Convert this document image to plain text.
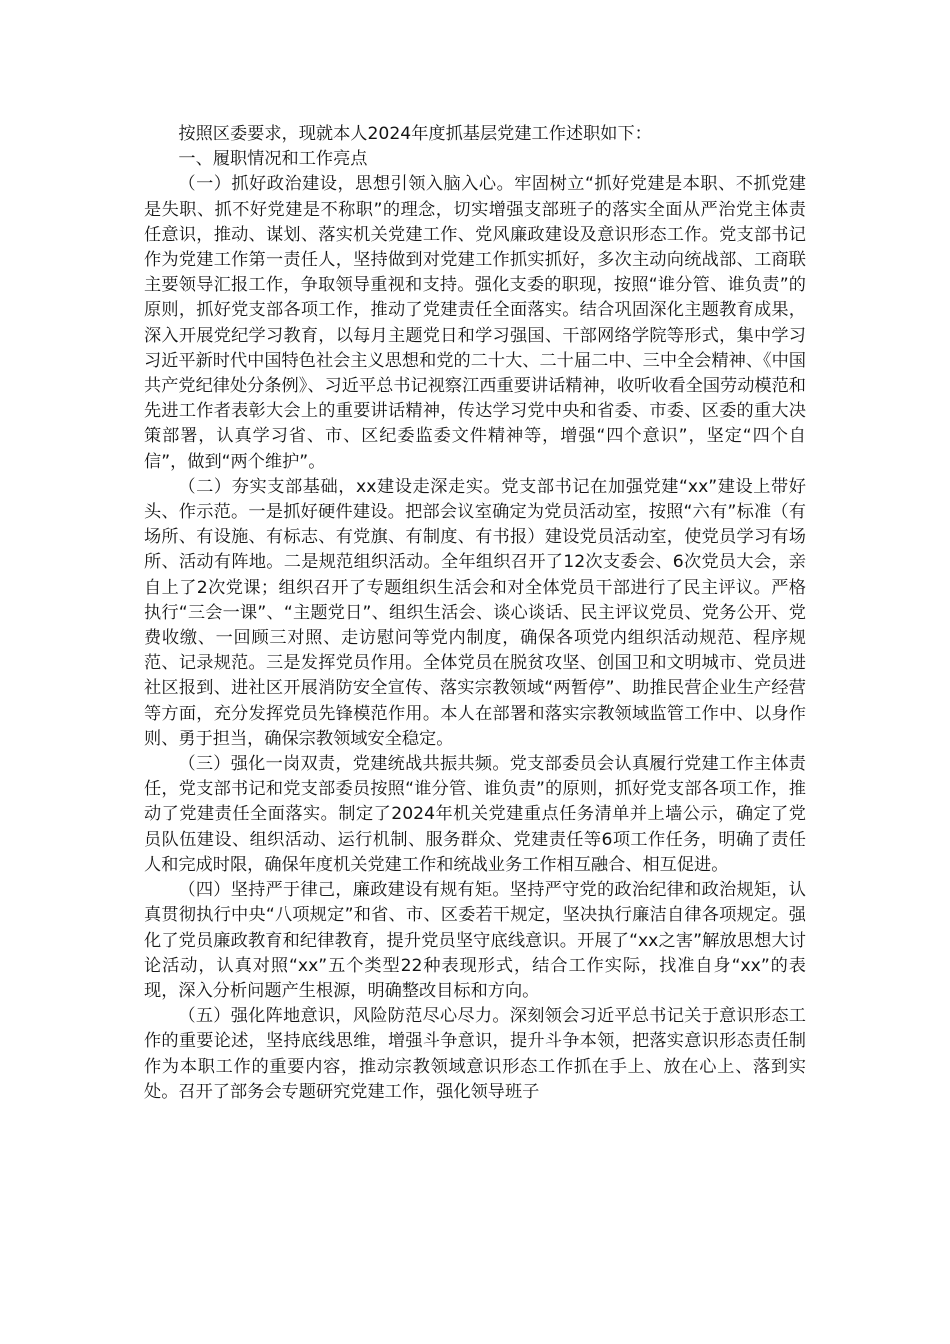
按照区委要求，现就本人2024年度抓基层党建工作述职如下：

一、履职情况和工作亮点

（一）抓好政治建设，思想引领入脑入心。牢固树立“抓好党建是本职、不抓党建是失职、抓不好党建是不称职”的理念，切实增强支部班子的落实全面从严治党主体责任意识，推动、谋划、落实机关党建工作、党风廉政建设及意识形态工作。党支部书记作为党建工作第一责任人，坚持做到对党建工作抓实抓好，多次主动向统战部、工商联主要领导汇报工作，争取领导重视和支持。强化支委的职现，按照“谁分管、谁负责”的原则，抓好党支部各项工作，推动了党建责任全面落实。结合巩固深化主题教育成果，深入开展党纪学习教育，以每月主题党日和学习强国、干部网络学院等形式，集中学习习近平新时代中国特色社会主义思想和党的二十大、二十届二中、三中全会精神、《中国共产党纪律处分条例》、习近平总书记视察江西重要讲话精神，收听收看全国劳动模范和先进工作者表彰大会上的重要讲话精神，传达学习党中央和省委、市委、区委的重大决策部署，认真学习省、市、区纪委监委文件精神等，增强“四个意识”，坚定“四个自信”，做到“两个维护”。

（二）夯实支部基础，xx建设走深走实。党支部书记在加强党建“xx”建设上带好头、作示范。一是抓好硬件建设。把部会议室确定为党员活动室，按照“六有”标准（有场所、有设施、有标志、有党旗、有制度、有书报）建设党员活动室，使党员学习有场所、活动有阵地。二是规范组织活动。全年组织召开了12次支委会、6次党员大会，亲自上了2次党课；组织召开了专题组织生活会和对全体党员干部进行了民主评议。严格执行“三会一课”、“主题党日”、组织生活会、谈心谈话、民主评议党员、党务公开、党费收缴、一回顾三对照、走访慰问等党内制度，确保各项党内组织活动规范、程序规范、记录规范。三是发挥党员作用。全体党员在脱贫攻坚、创国卫和文明城市、党员进社区报到、进社区开展消防安全宣传、落实宗教领域“两暂停”、助推民营企业生产经营等方面，充分发挥党员先锋模范作用。本人在部署和落实宗教领域监管工作中、以身作则、勇于担当，确保宗教领域安全稳定。

（三）强化一岗双责，党建统战共振共频。党支部委员会认真履行党建工作主体责任，党支部书记和党支部委员按照“谁分管、谁负责”的原则，抓好党支部各项工作，推动了党建责任全面落实。制定了2024年机关党建重点任务清单并上墙公示，确定了党员队伍建设、组织活动、运行机制、服务群众、党建责任等6项工作任务，明确了责任人和完成时限，确保年度机关党建工作和统战业务工作相互融合、相互促进。

（四）坚持严于律己，廉政建设有规有矩。坚持严守党的政治纪律和政治规矩，认真贯彻执行中央“八项规定”和省、市、区委若干规定，坚决执行廉洁自律各项规定。强化了党员廉政教育和纪律教育，提升党员坚守底线意识。开展了“xx之害”解放思想大讨论活动，认真对照“xx”五个类型22种表现形式，结合工作实际，找准自身“xx”的表现，深入分析问题产生根源，明确整改目标和方向。

（五）强化阵地意识，风险防范尽心尽力。深刻领会习近平总书记关于意识形态工作的重要论述，坚持底线思维，增强斗争意识，提升斗争本领，把落实意识形态责任制作为本职工作的重要内容，推动宗教领域意识形态工作抓在手上、放在心上、落到实处。召开了部务会专题研究党建工作，强化领导班子
